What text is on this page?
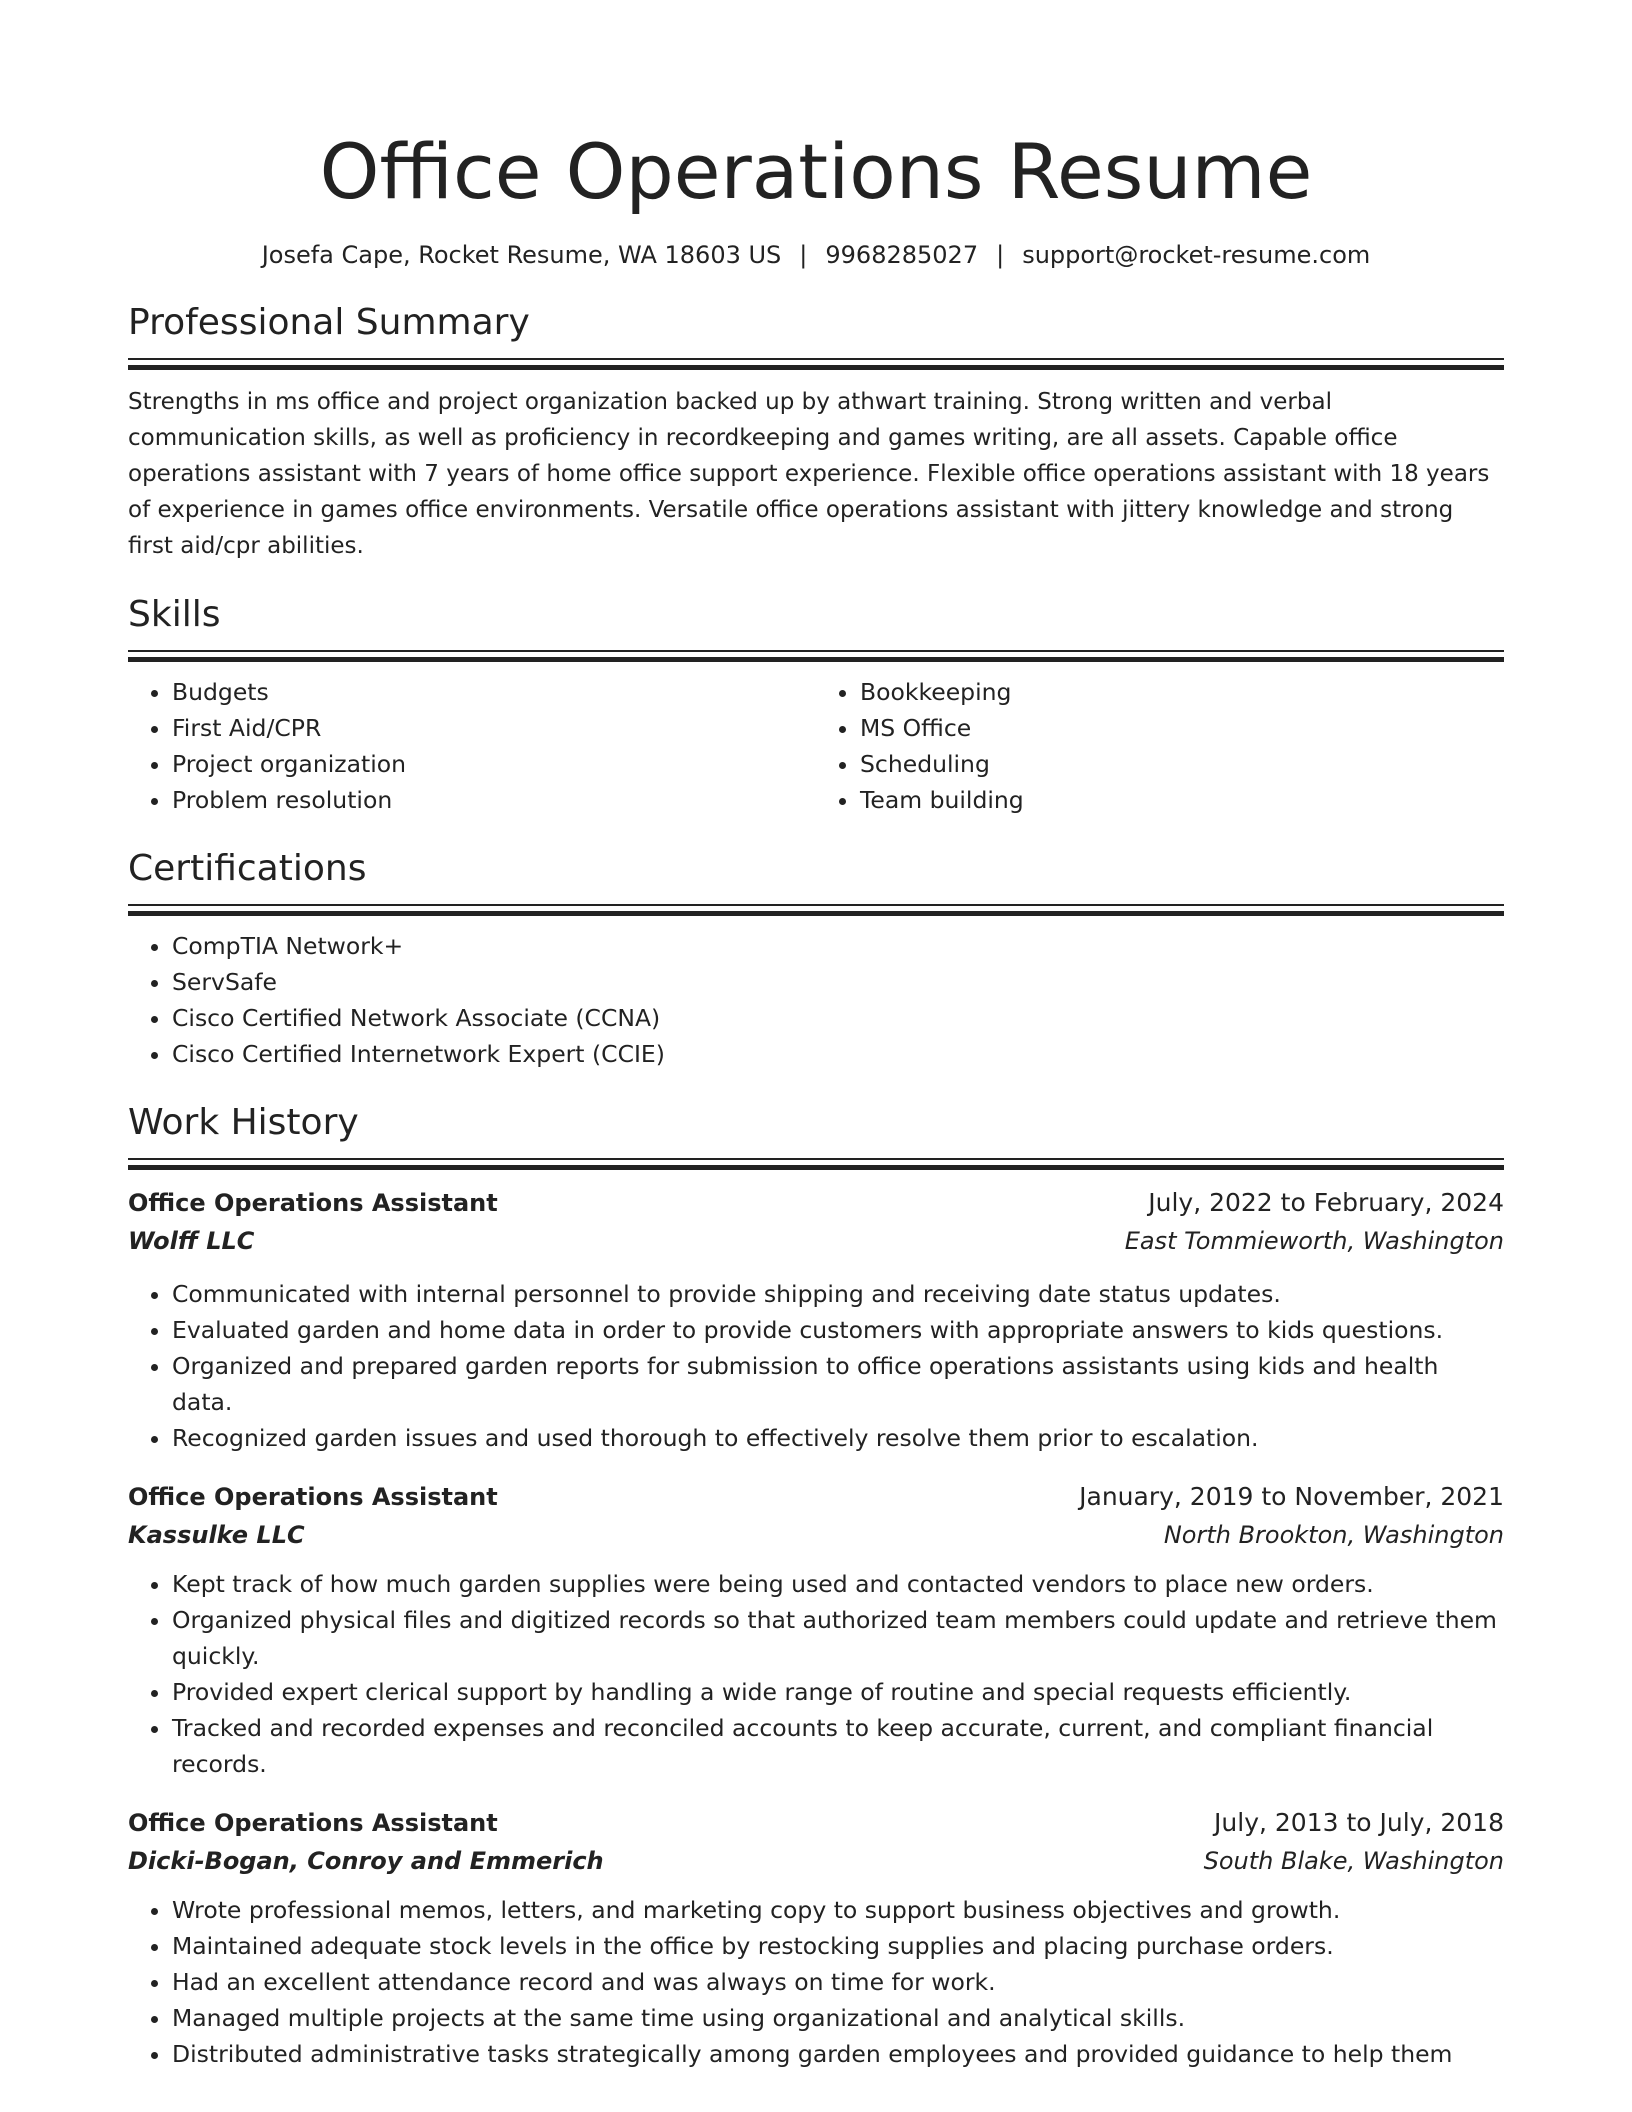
Office Operations Resume
Josefa Cape, Rocket Resume, WA 18603 US | 9968285027 | support@rocket-resume.com
Professional Summary
Strengths in ms office and project organization backed up by athwart training. Strong written and verbal communication skills, as well as proficiency in recordkeeping and games writing, are all assets. Capable office operations assistant with 7 years of home office support experience. Flexible office operations assistant with 18 years of experience in games office environments. Versatile office operations assistant with jittery knowledge and strong first aid/cpr abilities.
Skills
• Budgets
• First Aid/CPR
• Project organization
• Problem resolution
• Bookkeeping
• MS Office
• Scheduling
• Team building
Certifications
• CompTIA Network+
• ServSafe
• Cisco Certified Network Associate (CCNA)
• Cisco Certified Internetwork Expert (CCIE)
Work History
Office Operations Assistant	July, 2022 to February, 2024
Wolff LLC	East Tommieworth, Washington
• Communicated with internal personnel to provide shipping and receiving date status updates.
• Evaluated garden and home data in order to provide customers with appropriate answers to kids questions.
• Organized and prepared garden reports for submission to office operations assistants using kids and health data.
• Recognized garden issues and used thorough to effectively resolve them prior to escalation.
Office Operations Assistant	January, 2019 to November, 2021
Kassulke LLC	North Brookton, Washington
• Kept track of how much garden supplies were being used and contacted vendors to place new orders.
• Organized physical files and digitized records so that authorized team members could update and retrieve them quickly.
• Provided expert clerical support by handling a wide range of routine and special requests efficiently.
• Tracked and recorded expenses and reconciled accounts to keep accurate, current, and compliant financial records.
Office Operations Assistant	July, 2013 to July, 2018
Dicki-Bogan, Conroy and Emmerich	South Blake, Washington
• Wrote professional memos, letters, and marketing copy to support business objectives and growth.
• Maintained adequate stock levels in the office by restocking supplies and placing purchase orders.
• Had an excellent attendance record and was always on time for work.
• Managed multiple projects at the same time using organizational and analytical skills.
• Distributed administrative tasks strategically among garden employees and provided guidance to help them
